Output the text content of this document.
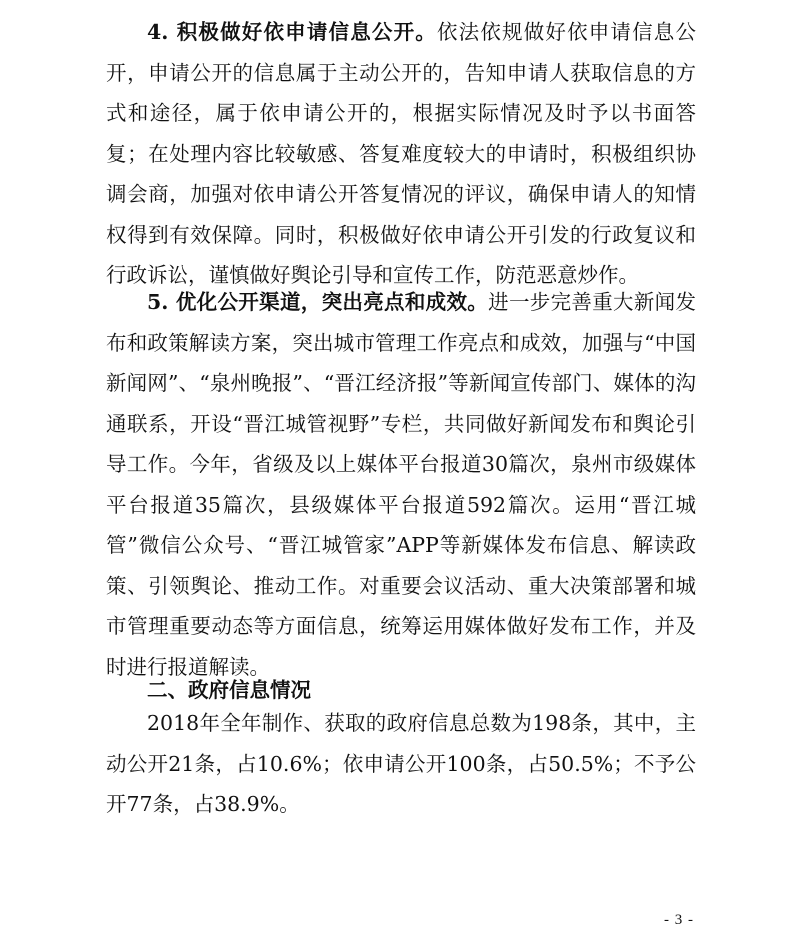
4. 积极做好依申请信息公开。依法依规做好依申请信息公开，申请公开的信息属于主动公开的，告知申请人获取信息的方式和途径，属于依申请公开的，根据实际情况及时予以书面答复；在处理内容比较敏感、答复难度较大的申请时，积极组织协调会商，加强对依申请公开答复情况的评议，确保申请人的知情权得到有效保障。同时，积极做好依申请公开引发的行政复议和行政诉讼，谨慎做好舆论引导和宣传工作，防范恶意炒作。

5. 优化公开渠道，突出亮点和成效。进一步完善重大新闻发布和政策解读方案，突出城市管理工作亮点和成效，加强与“中国新闻网”、“泉州晚报”、“晋江经济报”等新闻宣传部门、媒体的沟通联系，开设“晋江城管视野”专栏，共同做好新闻发布和舆论引导工作。今年，省级及以上媒体平台报道30篇次，泉州市级媒体平台报道35篇次，县级媒体平台报道592篇次。运用“晋江城管”微信公众号、“晋江城管家”APP等新媒体发布信息、解读政策、引领舆论、推动工作。对重要会议活动、重大决策部署和城市管理重要动态等方面信息，统筹运用媒体做好发布工作，并及时进行报道解读。

二、政府信息情况

2018年全年制作、获取的政府信息总数为198条，其中，主动公开21条，占10.6%；依申请公开100条，占50.5%；不予公开77条，占38.9%。

- 3 -
